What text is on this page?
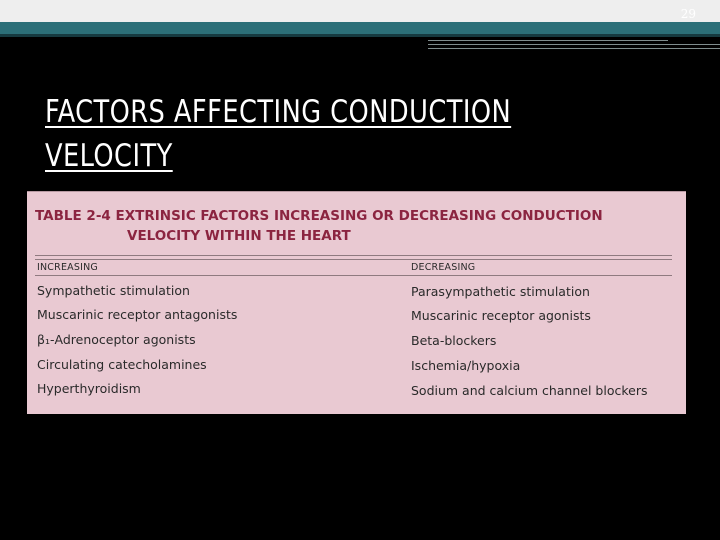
29
FACTORS AFFECTING CONDUCTION VELOCITY
TABLE 2-4 EXTRINSIC FACTORS INCREASING OR DECREASING CONDUCTION
VELOCITY WITHIN THE HEART
INCREASING	DECREASING
Sympathetic stimulation
Muscarinic receptor antagonists
β₁-Adrenoceptor agonists
Circulating catecholamines
Hyperthyroidism
Parasympathetic stimulation
Muscarinic receptor agonists
Beta-blockers
Ischemia/hypoxia
Sodium and calcium channel blockers
